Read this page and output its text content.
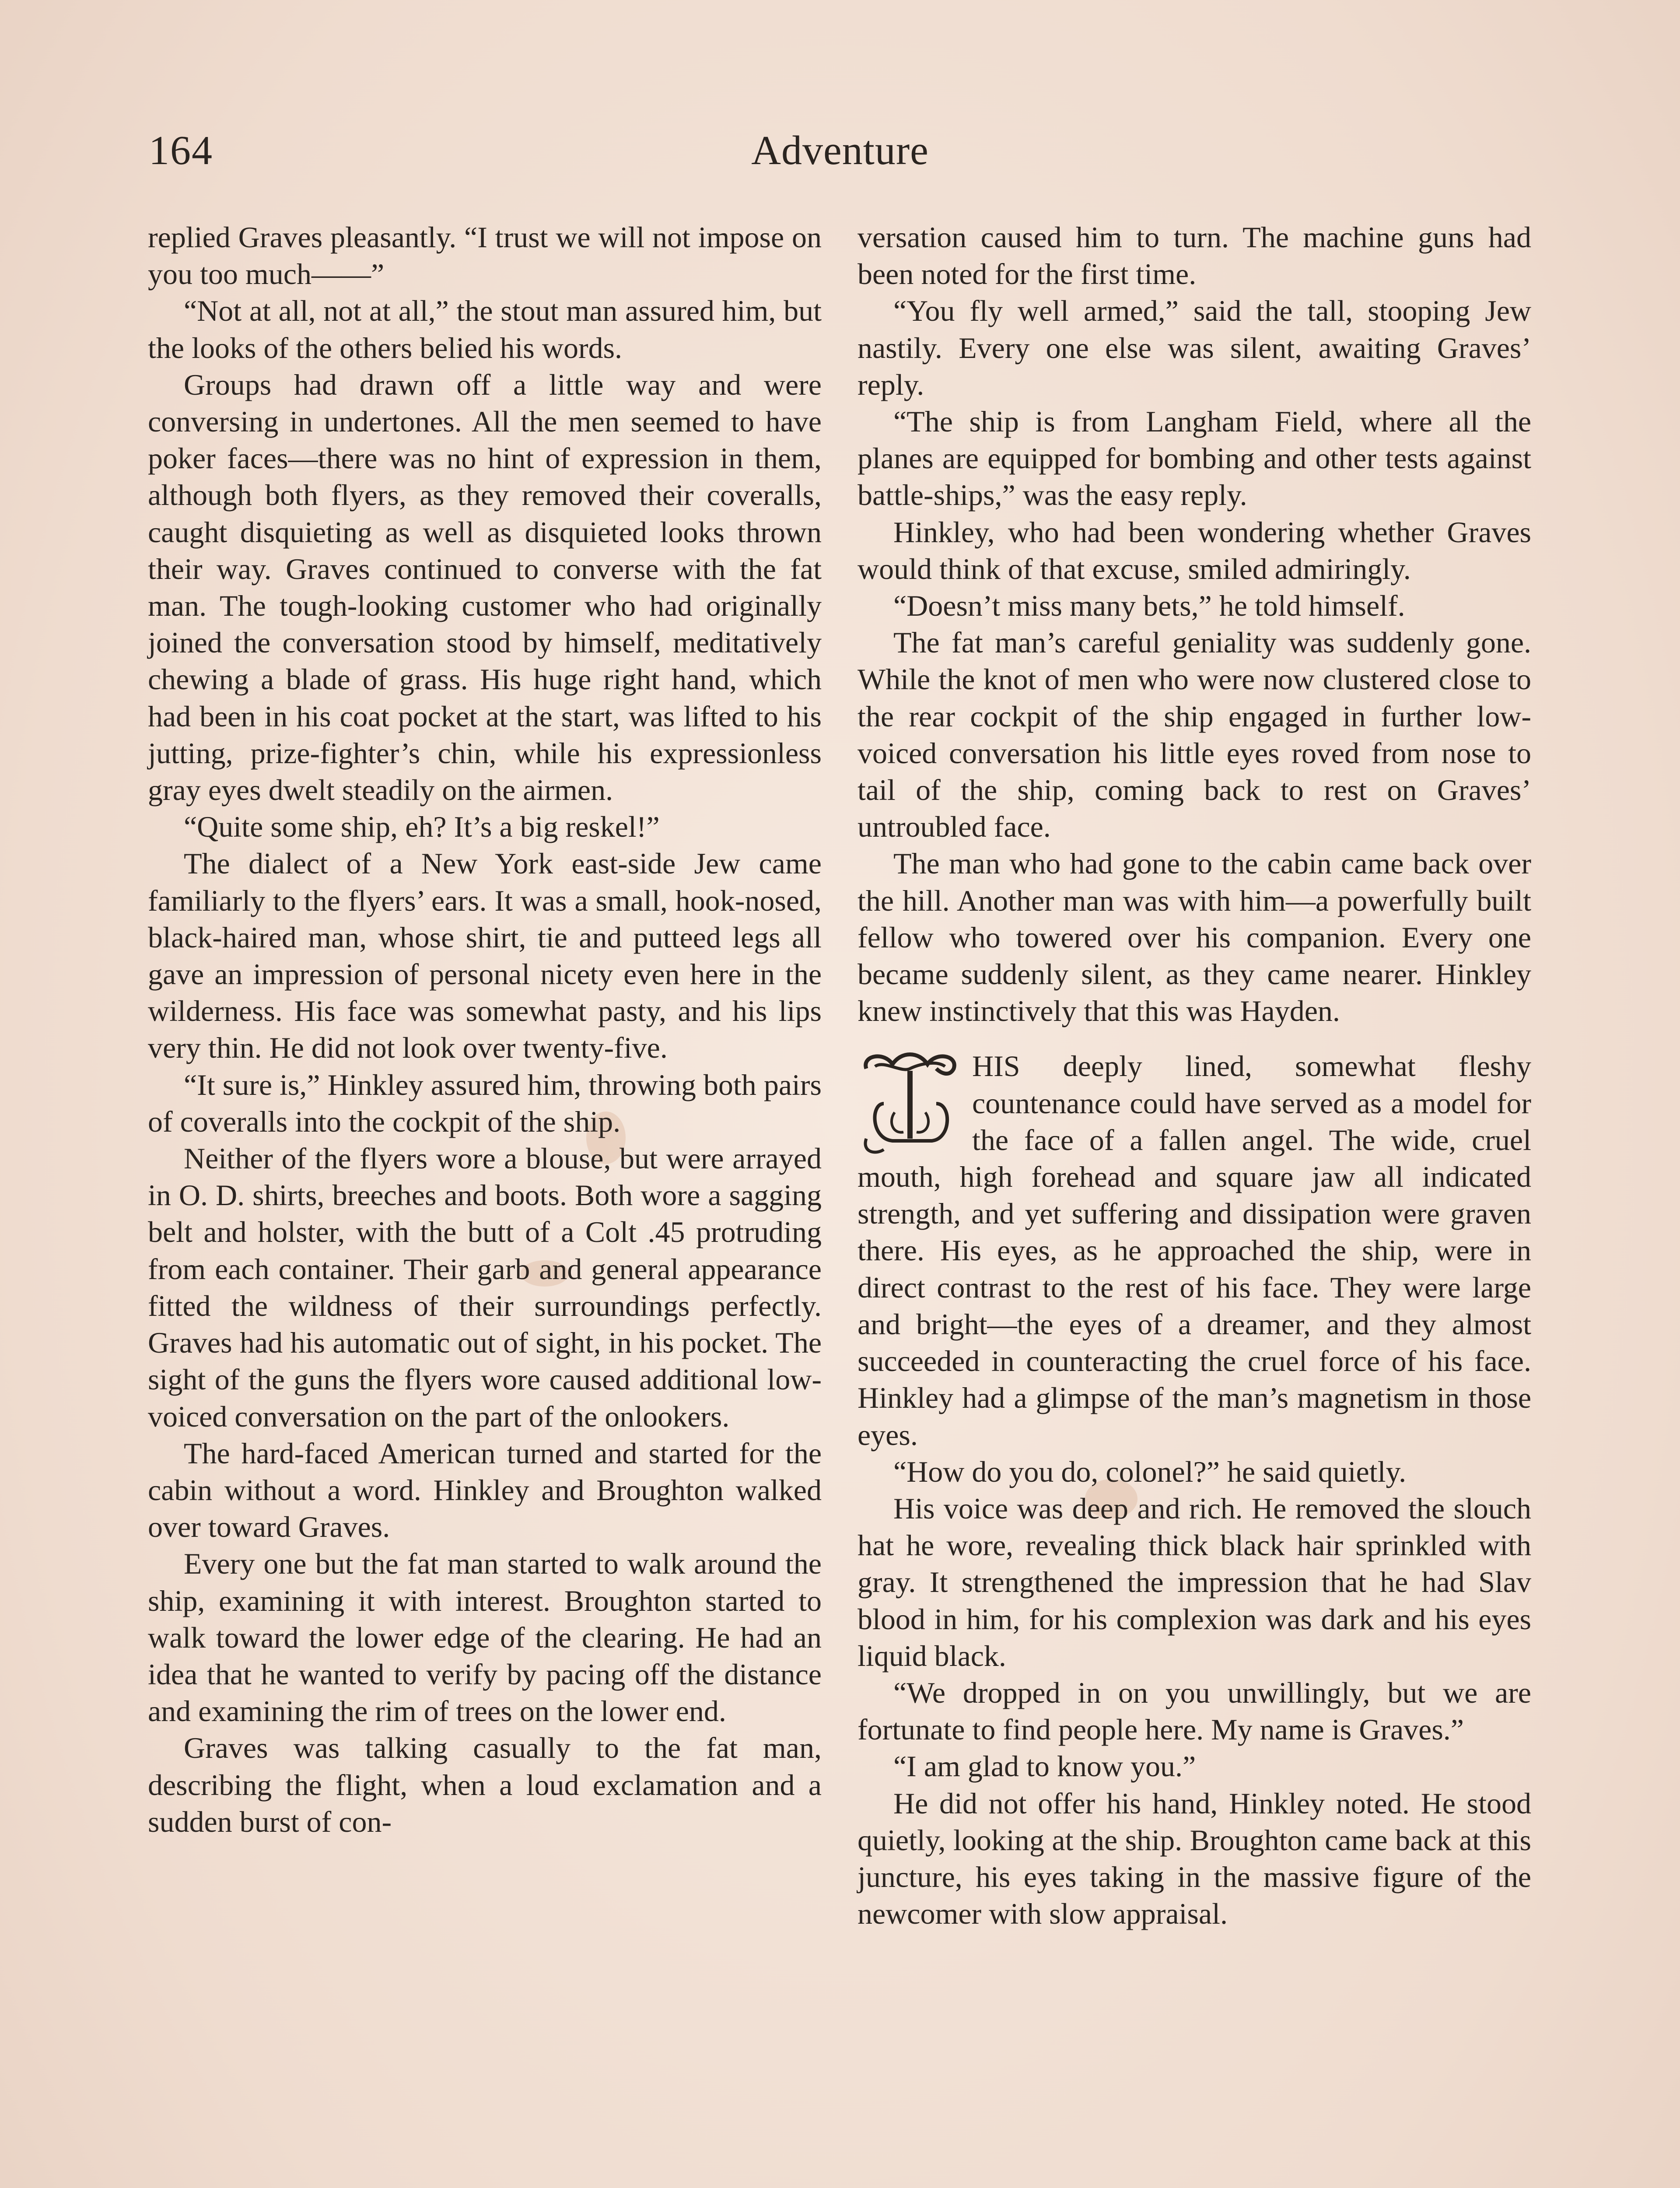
164	Adventure

replied Graves pleasantly. “I trust we will not impose on you too much——”

“Not at all, not at all,” the stout man assured him, but the looks of the others belied his words.

Groups had drawn off a little way and were conversing in undertones. All the men seemed to have poker faces—there was no hint of expression in them, although both flyers, as they removed their coveralls, caught disquieting as well as disquieted looks thrown their way. Graves continued to converse with the fat man. The tough-looking customer who had originally joined the conversation stood by himself, meditatively chewing a blade of grass. His huge right hand, which had been in his coat pocket at the start, was lifted to his jutting, prize-fighter’s chin, while his expressionless gray eyes dwelt steadily on the airmen.

“Quite some ship, eh? It’s a big reskel!”

The dialect of a New York east-side Jew came familiarly to the flyers’ ears. It was a small, hook-nosed, black-haired man, whose shirt, tie and putteed legs all gave an impression of personal nicety even here in the wilderness. His face was somewhat pasty, and his lips very thin. He did not look over twenty-five.

“It sure is,” Hinkley assured him, throwing both pairs of coveralls into the cockpit of the ship.

Neither of the flyers wore a blouse, but were arrayed in O. D. shirts, breeches and boots. Both wore a sagging belt and holster, with the butt of a Colt .45 protruding from each container. Their garb and general appearance fitted the wildness of their surroundings perfectly. Graves had his automatic out of sight, in his pocket. The sight of the guns the flyers wore caused additional low-voiced conversation on the part of the onlookers.

The hard-faced American turned and started for the cabin without a word. Hinkley and Broughton walked over toward Graves.

Every one but the fat man started to walk around the ship, examining it with interest. Broughton started to walk toward the lower edge of the clearing. He had an idea that he wanted to verify by pacing off the distance and examining the rim of trees on the lower end.

Graves was talking casually to the fat man, describing the flight, when a loud exclamation and a sudden burst of con-

versation caused him to turn. The machine guns had been noted for the first time.

“You fly well armed,” said the tall, stooping Jew nastily. Every one else was silent, awaiting Graves’ reply.

“The ship is from Langham Field, where all the planes are equipped for bombing and other tests against battle-ships,” was the easy reply.

Hinkley, who had been wondering whether Graves would think of that excuse, smiled admiringly.

“Doesn’t miss many bets,” he told himself.

The fat man’s careful geniality was suddenly gone. While the knot of men who were now clustered close to the rear cockpit of the ship engaged in further low-voiced conversation his little eyes roved from nose to tail of the ship, coming back to rest on Graves’ untroubled face.

The man who had gone to the cabin came back over the hill. Another man was with him—a powerfully built fellow who towered over his companion. Every one became suddenly silent, as they came nearer. Hinkley knew instinctively that this was Hayden.

HIS deeply lined, somewhat fleshy countenance could have served as a model for the face of a fallen angel. The wide, cruel mouth, high forehead and square jaw all indicated strength, and yet suffering and dissipation were graven there. His eyes, as he approached the ship, were in direct contrast to the rest of his face. They were large and bright—the eyes of a dreamer, and they almost succeeded in counteracting the cruel force of his face. Hinkley had a glimpse of the man’s magnetism in those eyes.

“How do you do, colonel?” he said quietly.

His voice was deep and rich. He removed the slouch hat he wore, revealing thick black hair sprinkled with gray. It strengthened the impression that he had Slav blood in him, for his complexion was dark and his eyes liquid black.

“We dropped in on you unwillingly, but we are fortunate to find people here. My name is Graves.”

“I am glad to know you.”

He did not offer his hand, Hinkley noted. He stood quietly, looking at the ship. Broughton came back at this juncture, his eyes taking in the massive figure of the newcomer with slow appraisal.
